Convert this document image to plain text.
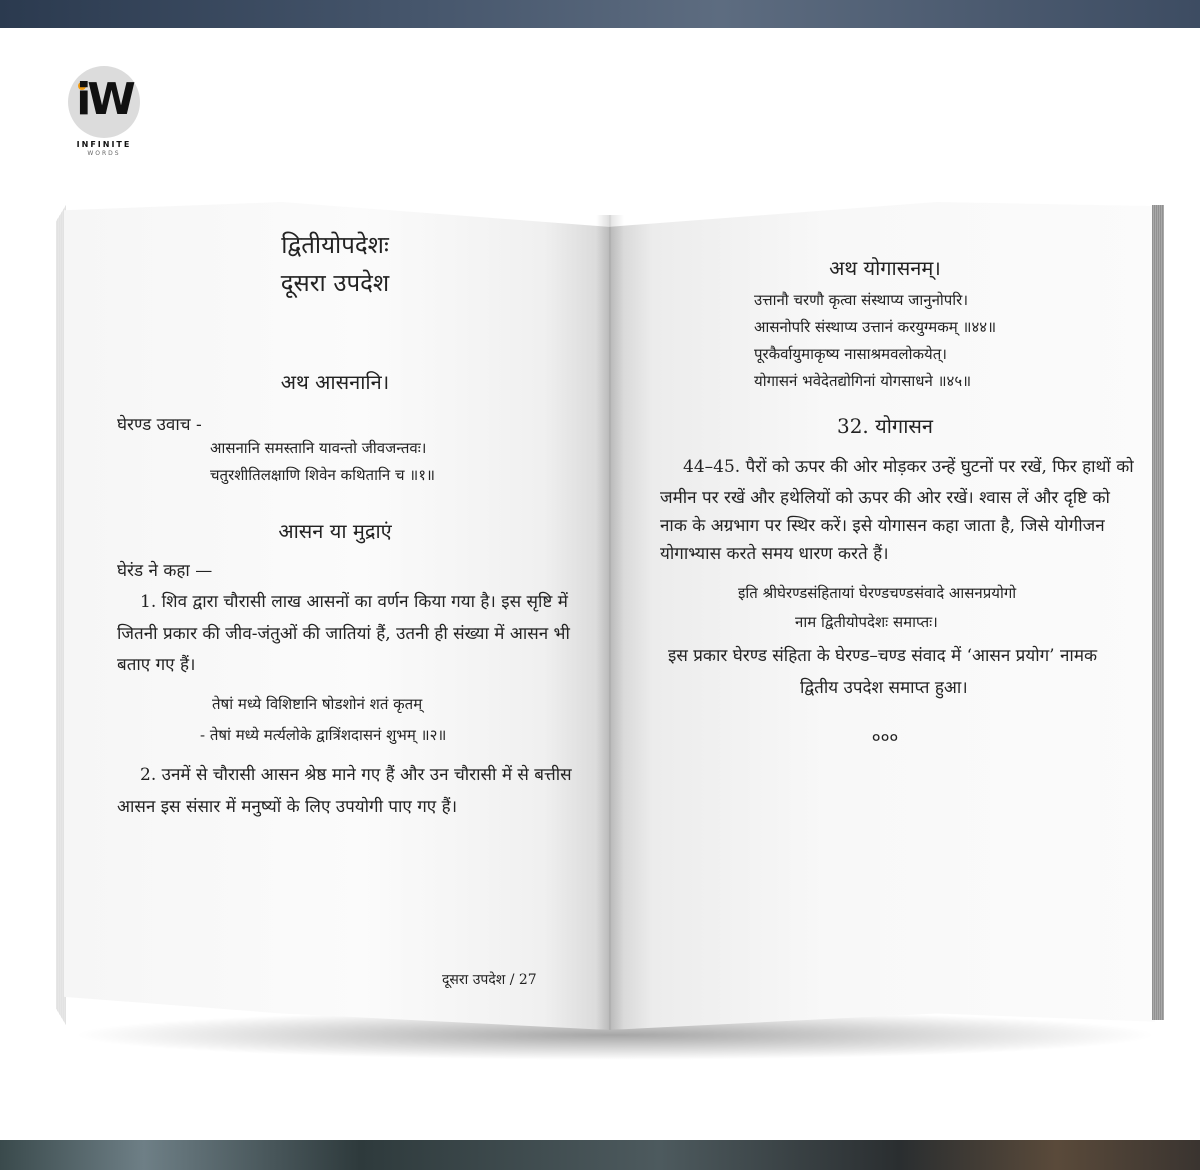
iW
INFINITE
WORDS
द्वितीयोपदेशः
दूसरा उपदेश
अथ आसनानि।
घेरण्ड उवाच -
आसनानि समस्तानि यावन्तो जीवजन्तवः।
चतुरशीतिलक्षाणि शिवेन कथितानि च ॥१॥
आसन या मुद्राएं
घेरंड ने कहा —
1. शिव द्वारा चौरासी लाख आसनों का वर्णन किया गया है। इस सृष्टि में
जितनी प्रकार की जीव-जंतुओं की जातियां हैं, उतनी ही संख्या में आसन भी
बताए गए हैं।
तेषां मध्ये विशिष्टानि षोडशोनं शतं कृतम्
- तेषां मध्ये मर्त्यलोके द्वात्रिंशदासनं शुभम् ॥२॥
2. उनमें से चौरासी आसन श्रेष्ठ माने गए हैं और उन चौरासी में से बत्तीस
आसन इस संसार में मनुष्यों के लिए उपयोगी पाए गए हैं।
दूसरा उपदेश / 27
अथ योगासनम्।
उत्तानौ चरणौ कृत्वा संस्थाप्य जानुनोपरि।
आसनोपरि संस्थाप्य उत्तानं करयुग्मकम् ॥४४॥
पूरकैर्वायुमाकृष्य नासाश्रमवलोकयेत्।
योगासनं भवेदेतद्योगिनां योगसाधने ॥४५॥
32. योगासन
44–45. पैरों को ऊपर की ओर मोड़कर उन्हें घुटनों पर रखें, फिर हाथों को
जमीन पर रखें और हथेलियों को ऊपर की ओर रखें। श्वास लें और दृष्टि को
नाक के अग्रभाग पर स्थिर करें। इसे योगासन कहा जाता है, जिसे योगीजन
योगाभ्यास करते समय धारण करते हैं।
इति श्रीघेरण्डसंहितायां घेरण्डचण्डसंवादे आसनप्रयोगो
नाम द्वितीयोपदेशः समाप्तः।
इस प्रकार घेरण्ड संहिता के घेरण्ड–चण्ड संवाद में ‘आसन प्रयोग’ नामक
द्वितीय उपदेश समाप्त हुआ।
०००
